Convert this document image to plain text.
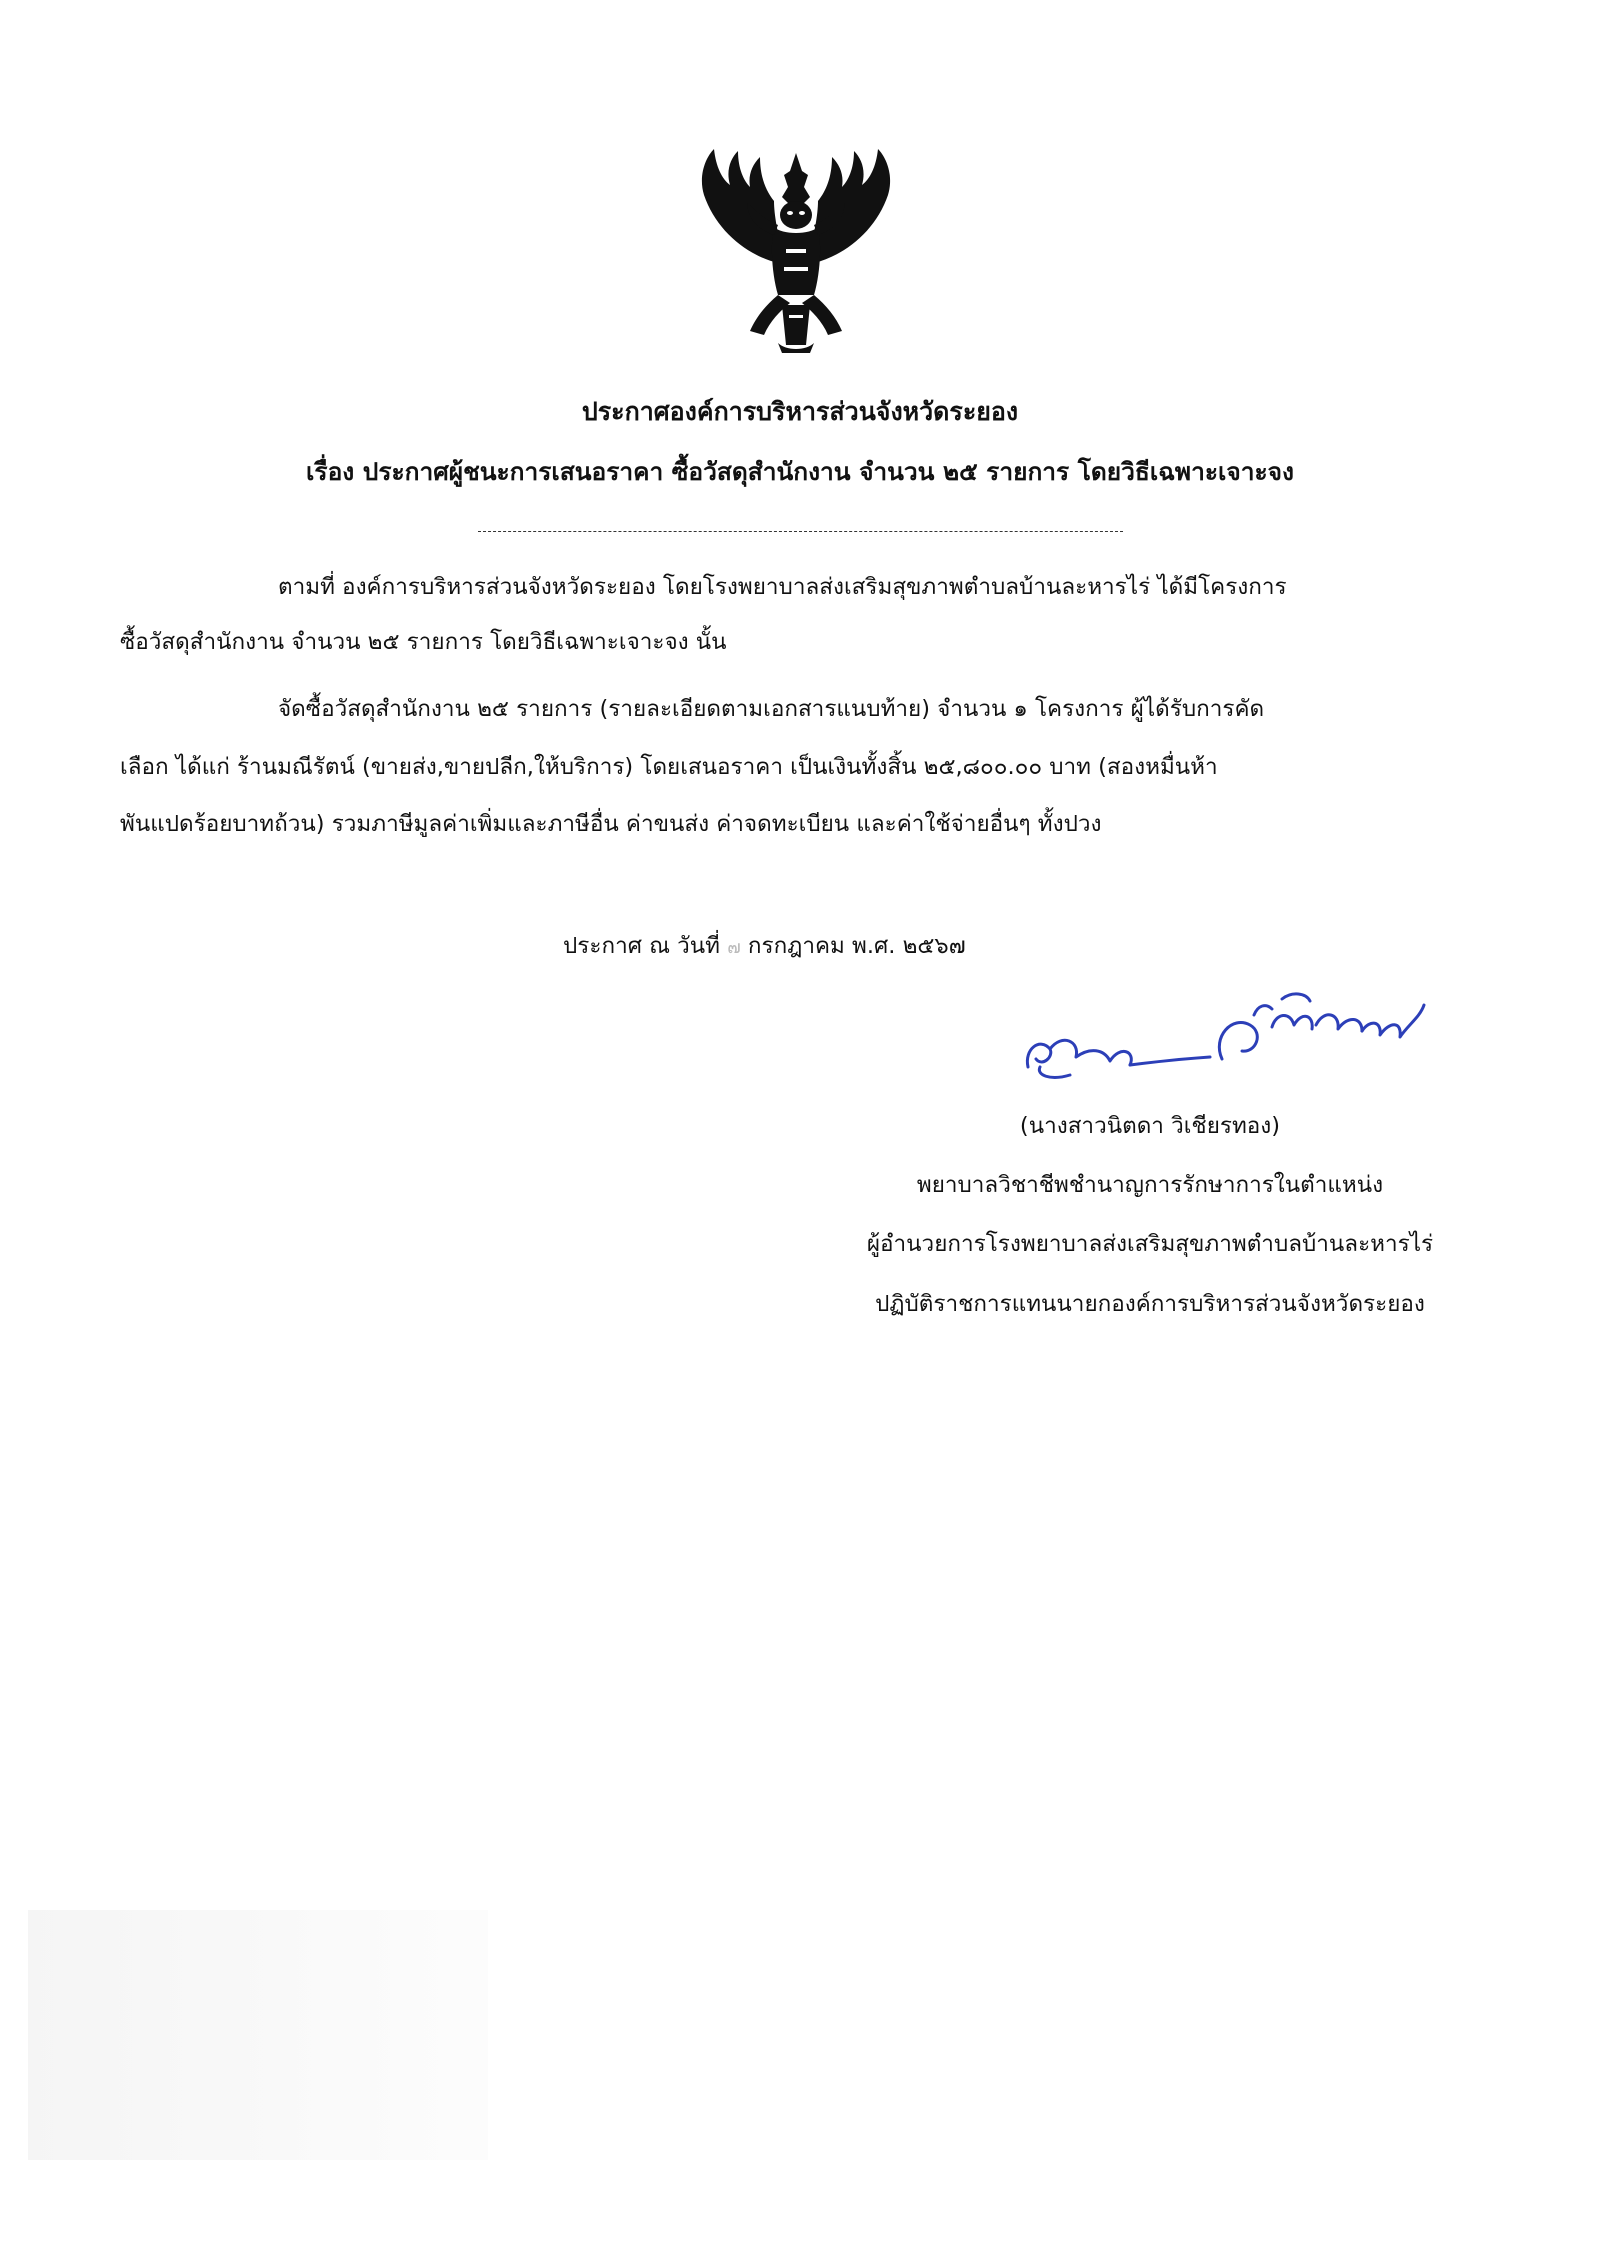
ประกาศองค์การบริหารส่วนจังหวัดระยอง
เรื่อง ประกาศผู้ชนะการเสนอราคา ซื้อวัสดุสำนักงาน จำนวน ๒๕ รายการ โดยวิธีเฉพาะเจาะจง
ตามที่ องค์การบริหารส่วนจังหวัดระยอง โดยโรงพยาบาลส่งเสริมสุขภาพตำบลบ้านละหารไร่ ได้มีโครงการ
ซื้อวัสดุสำนักงาน จำนวน ๒๕ รายการ โดยวิธีเฉพาะเจาะจง นั้น
จัดซื้อวัสดุสำนักงาน ๒๕ รายการ (รายละเอียดตามเอกสารแนบท้าย) จำนวน ๑ โครงการ ผู้ได้รับการคัด
เลือก ได้แก่ ร้านมณีรัตน์ (ขายส่ง,ขายปลีก,ให้บริการ) โดยเสนอราคา เป็นเงินทั้งสิ้น ๒๕,๘๐๐.๐๐ บาท (สองหมื่นห้า
พันแปดร้อยบาทถ้วน) รวมภาษีมูลค่าเพิ่มและภาษีอื่น ค่าขนส่ง ค่าจดทะเบียน และค่าใช้จ่ายอื่นๆ ทั้งปวง
ประกาศ ณ วันที่ ๗ กรกฎาคม พ.ศ. ๒๕๖๗
(นางสาวนิตดา วิเชียรทอง)
พยาบาลวิชาชีพชำนาญการรักษาการในตำแหน่ง
ผู้อำนวยการโรงพยาบาลส่งเสริมสุขภาพตำบลบ้านละหารไร่
ปฏิบัติราชการแทนนายกองค์การบริหารส่วนจังหวัดระยอง
